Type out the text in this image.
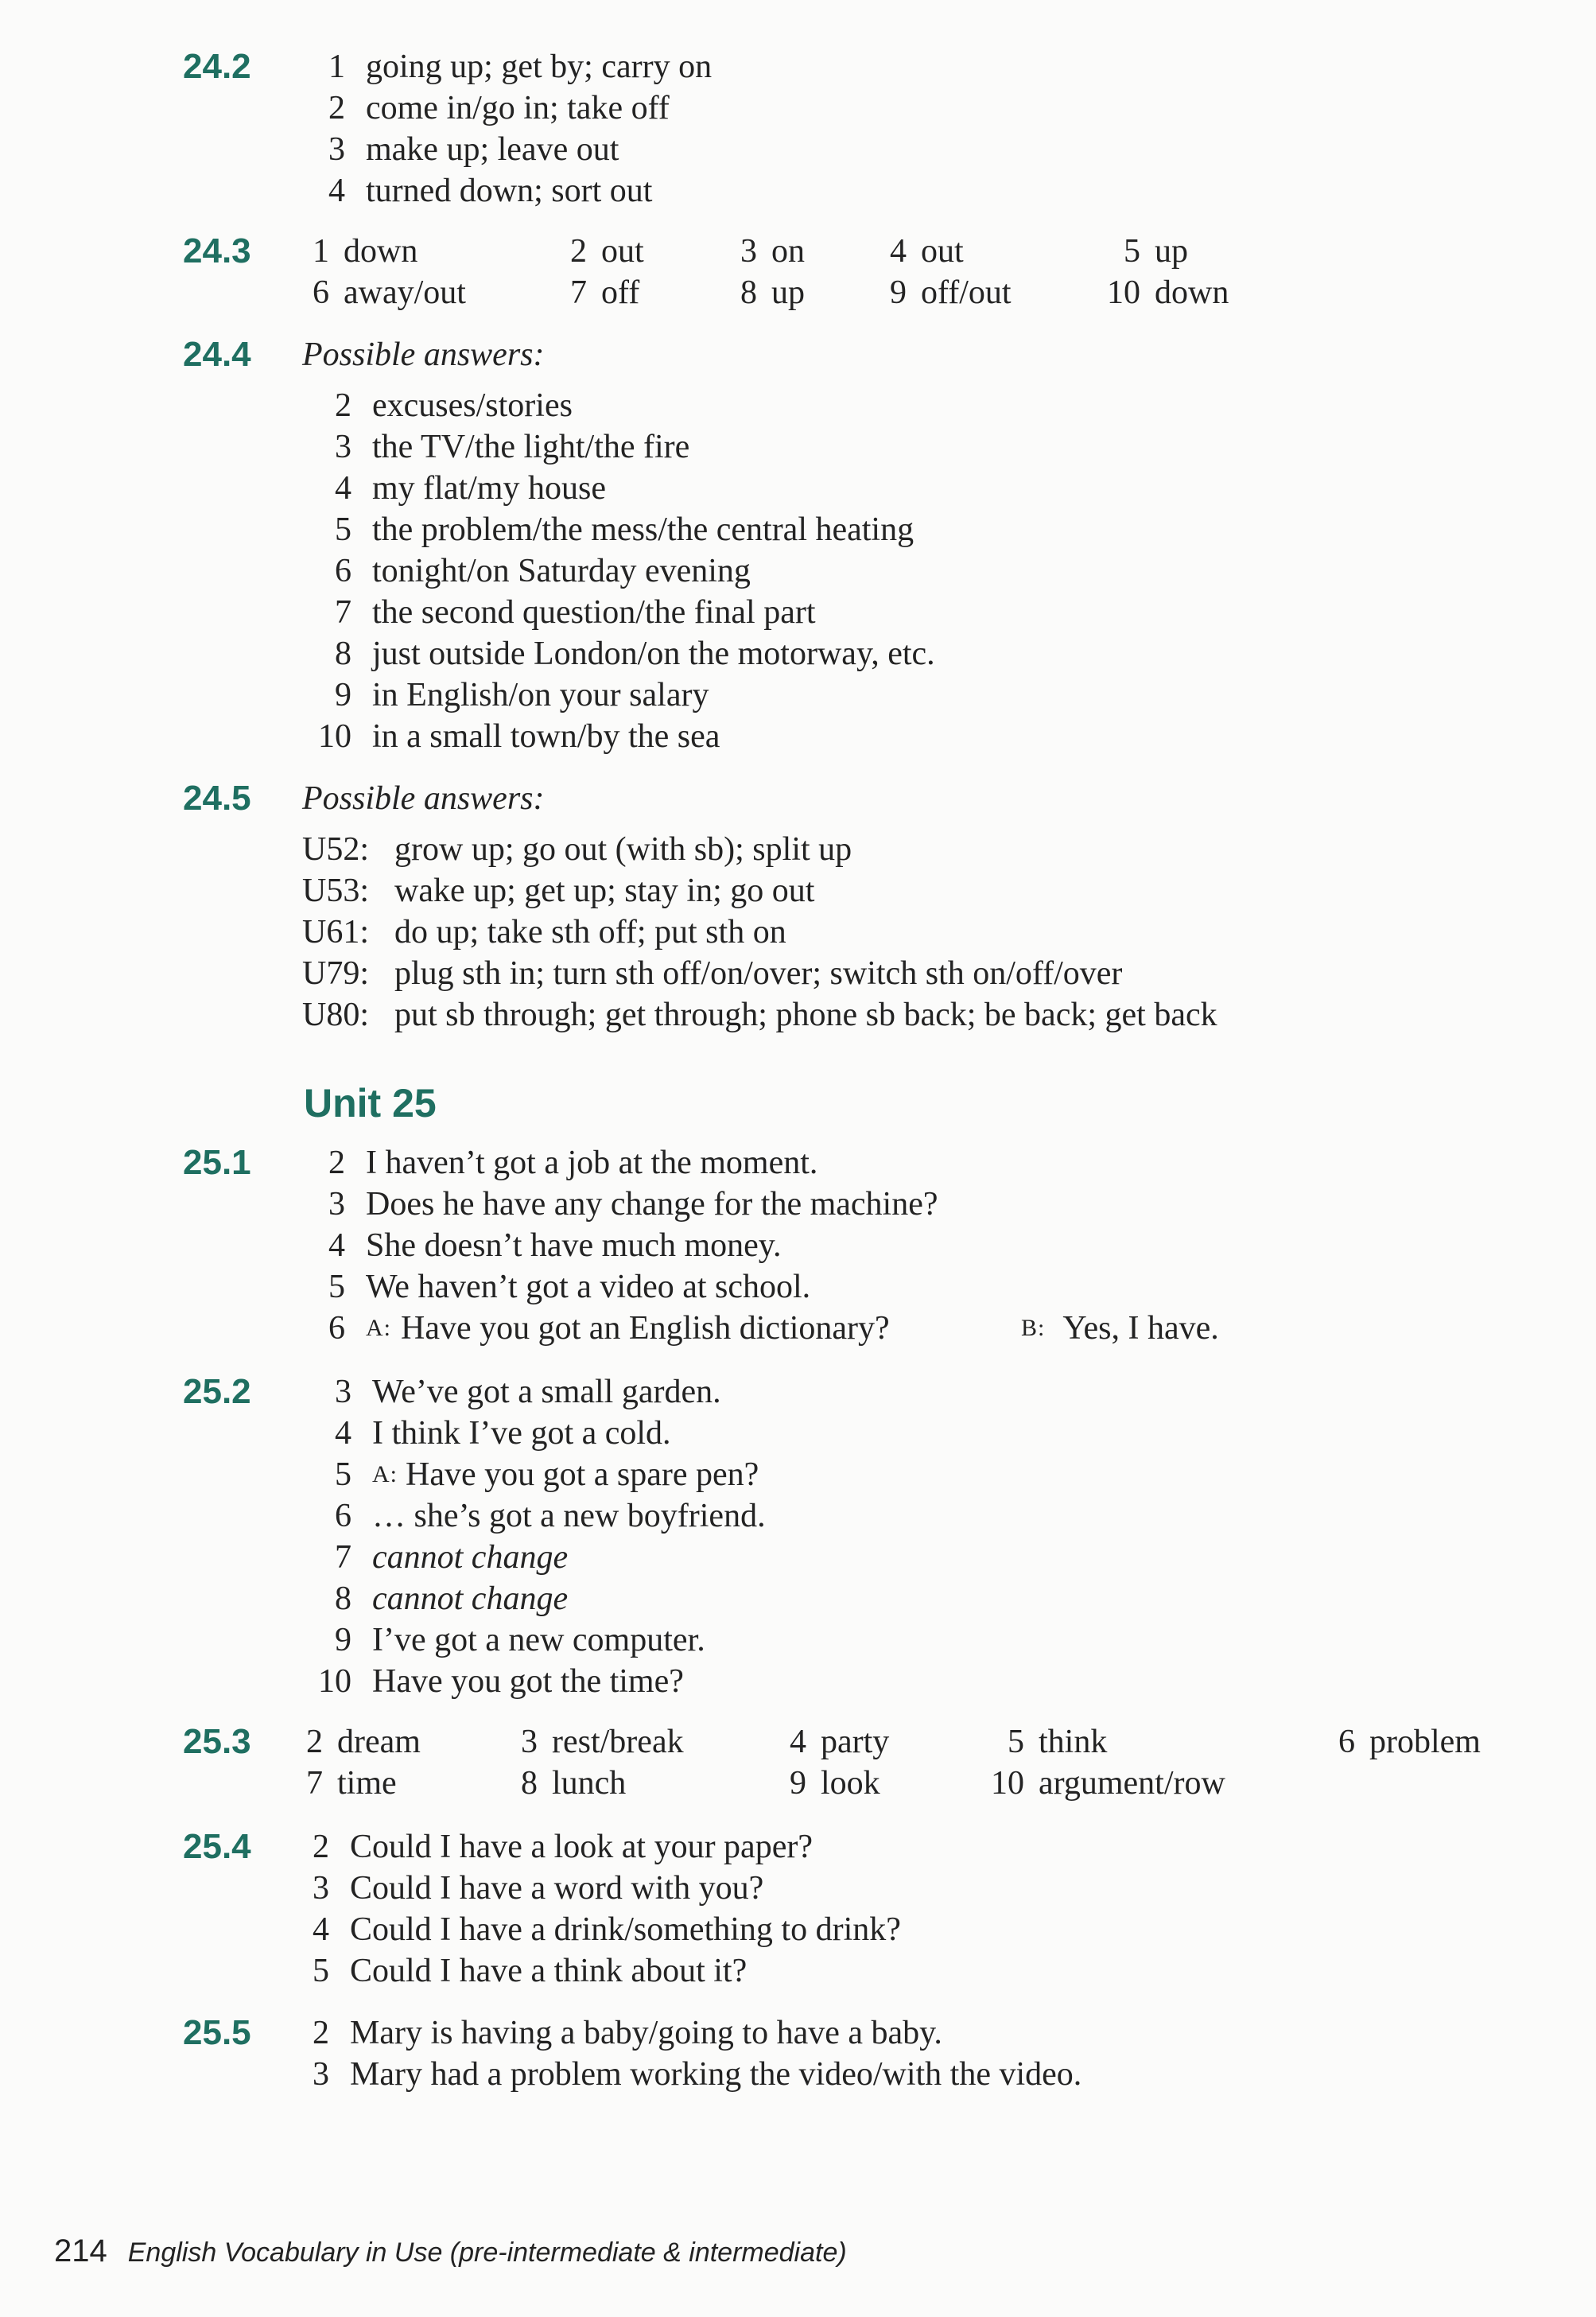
24.2	1 going up; get by; carry on
2 come in/go in; take off
3 make up; leave out
4 turned down; sort out
24.3	1 down	2 out	3 on	4 out	5 up
6 away/out	7 off	8 up	9 off/out	10 down
24.4 Possible answers:
2 excuses/stories
3 the TV/the light/the fire
4 my flat/my house
5 the problem/the mess/the central heating
6 tonight/on Saturday evening
7 the second question/the final part
8 just outside London/on the motorway, etc.
9 in English/on your salary
10 in a small town/by the sea
24.5 Possible answers:
U52: grow up; go out (with sb); split up
U53: wake up; get up; stay in; go out
U61: do up; take sth off; put sth on
U79: plug sth in; turn sth off/on/over; switch sth on/off/over
U80: put sb through; get through; phone sb back; be back; get back
Unit 25
25.1	2 I haven’t got a job at the moment.
3 Does he have any change for the machine?
4 She doesn’t have much money.
5 We haven’t got a video at school.
6 A: Have you got an English dictionary?	B: Yes, I have.
25.2	3 We’ve got a small garden.
4 I think I’ve got a cold.
5 A: Have you got a spare pen?
6 … she’s got a new boyfriend.
7 cannot change
8 cannot change
9 I’ve got a new computer.
10 Have you got the time?
25.3	2 dream	3 rest/break	4 party	5 think	6 problem
7 time	8 lunch	9 look	10 argument/row
25.4	2 Could I have a look at your paper?
3 Could I have a word with you?
4 Could I have a drink/something to drink?
5 Could I have a think about it?
25.5	2 Mary is having a baby/going to have a baby.
3 Mary had a problem working the video/with the video.
214 English Vocabulary in Use (pre-intermediate & intermediate)
